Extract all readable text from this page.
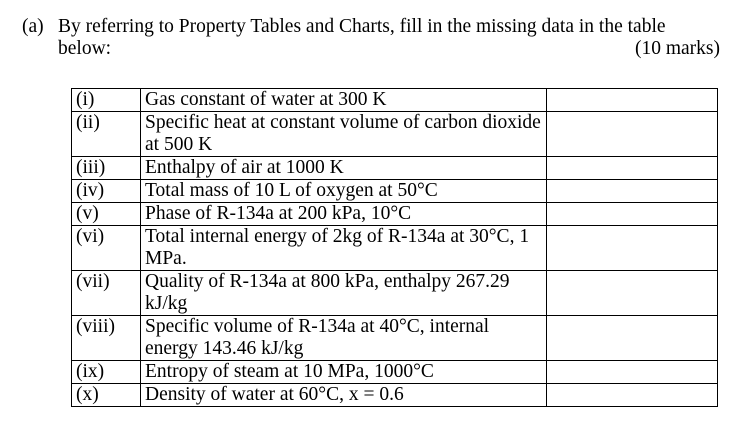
(a) By referring to Property Tables and Charts, fill in the missing data in the table
below:	(10 marks)
(i)	Gas constant of water at 300 K	
(ii)	Specific heat at constant volume of carbon dioxide at 500 K	
(iii)	Enthalpy of air at 1000 K	
(iv)	Total mass of 10 L of oxygen at 50°C	
(v)	Phase of R-134a at 200 kPa, 10°C	
(vi)	Total internal energy of 2kg of R-134a at 30°C, 1 MPa.	
(vii)	Quality of R-134a at 800 kPa, enthalpy 267.29 kJ/kg	
(viii)	Specific volume of R-134a at 40°C, internal energy 143.46 kJ/kg	
(ix)	Entropy of steam at 10 MPa, 1000°C	
(x)	Density of water at 60°C, x = 0.6	
